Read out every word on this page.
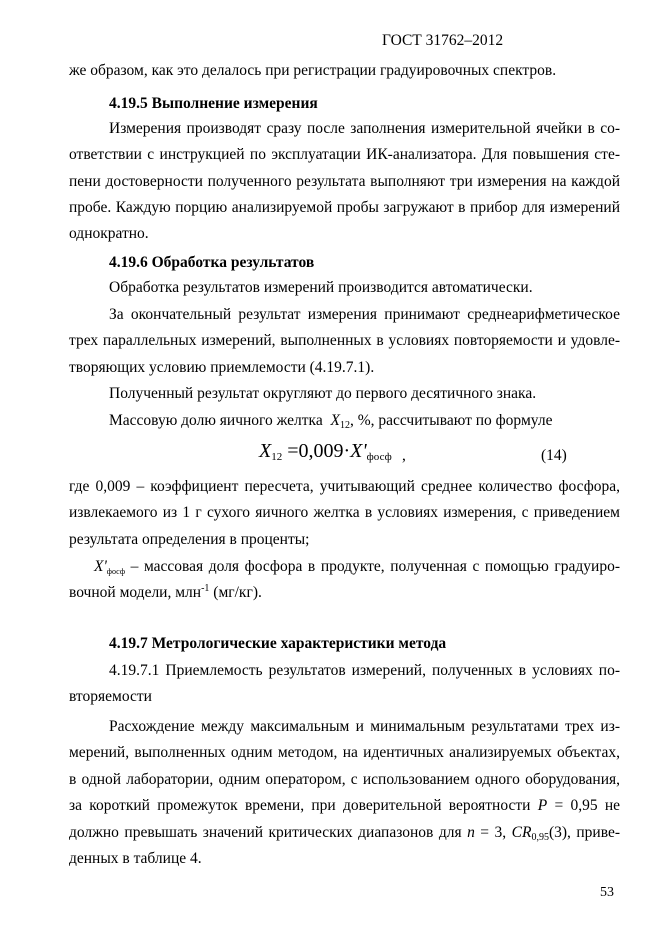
ГОСТ 31762–2012
же образом, как это делалось при регистрации градуировочных спектров.
4.19.5 Выполнение измерения
Измерения производят сразу после заполнения измерительной ячейки в со-
ответствии с инструкцией по эксплуатации ИК-анализатора. Для повышения сте-
пени достоверности полученного результата выполняют три измерения на каждой
пробе. Каждую порцию анализируемой пробы загружают в прибор для измерений
однократно.
4.19.6 Обработка результатов
Обработка результатов измерений производится автоматически.
За окончательный результат измерения принимают среднеарифметическое
трех параллельных измерений, выполненных в условиях повторяемости и удовле-
творяющих условию приемлемости (4.19.7.1).
Полученный результат округляют до первого десятичного знака.
Массовую долю яичного желтка $X_{12}$, %, рассчитывают по формуле
$X_{12} =0,009\cdot X'_{фосф}$ ,	(14)
где 0,009 – коэффициент пересчета, учитывающий среднее количество фосфора,
извлекаемого из 1 г сухого яичного желтка в условиях измерения, с приведением
результата определения в проценты;
$X'_{фосф}$ – массовая доля фосфора в продукте, полученная с помощью градуиро-
вочной модели, млн$^{-1}$ (мг/кг).
4.19.7 Метрологические характеристики метода
4.19.7.1 Приемлемость результатов измерений, полученных в условиях по-
вторяемости
Расхождение между максимальным и минимальным результатами трех из-
мерений, выполненных одним методом, на идентичных анализируемых объектах,
в одной лаборатории, одним оператором, с использованием одного оборудования,
за короткий промежуток времени, при доверительной вероятности P = 0,95 не
должно превышать значений критических диапазонов для n = 3, $CR_{0,95}(3)$, приве-
денных в таблице 4.
53
